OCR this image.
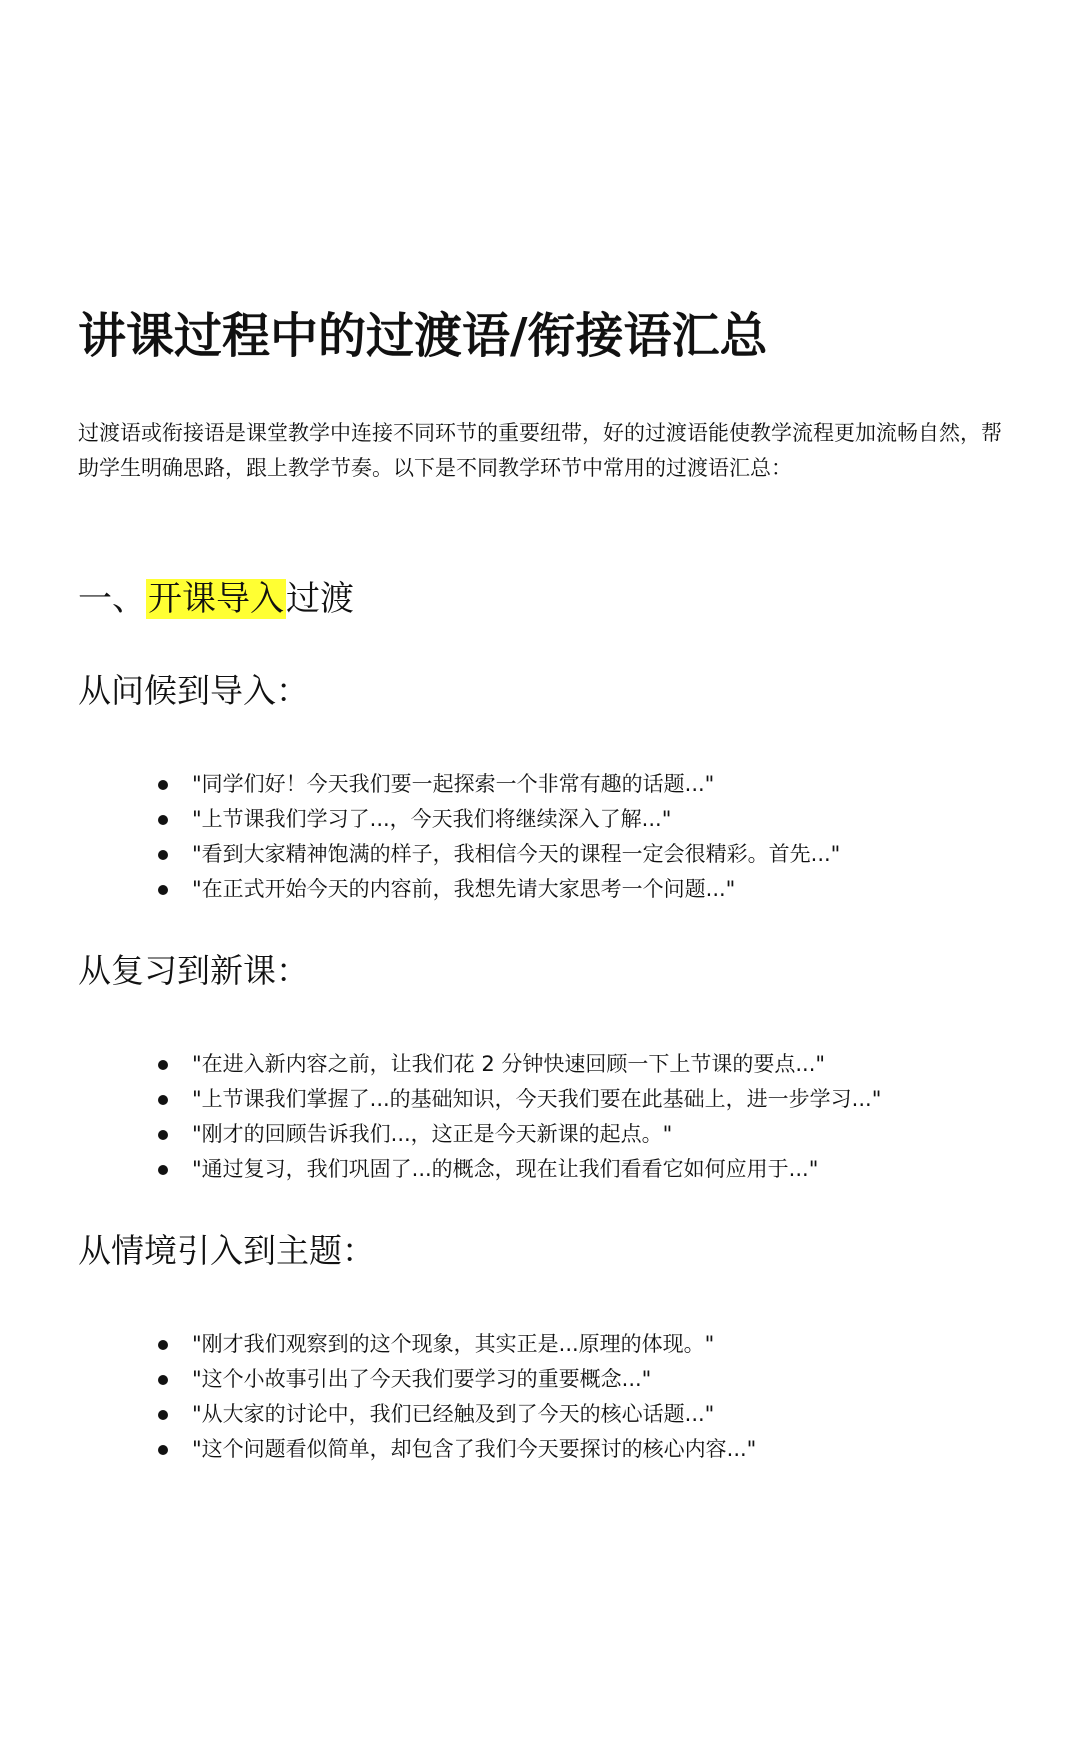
讲课过程中的过渡语/衔接语汇总

过渡语或衔接语是课堂教学中连接不同环节的重要纽带，好的过渡语能使教学流程更加流畅自然，帮助学生明确思路，跟上教学节奏。以下是不同教学环节中常用的过渡语汇总：

一、开课导入过渡
从问候到导入：
"同学们好！今天我们要一起探索一个非常有趣的话题..."
"上节课我们学习了...，今天我们将继续深入了解..."
"看到大家精神饱满的样子，我相信今天的课程一定会很精彩。首先..."
"在正式开始今天的内容前，我想先请大家思考一个问题..."
从复习到新课：
"在进入新内容之前，让我们花 2 分钟快速回顾一下上节课的要点..."
"上节课我们掌握了...的基础知识，今天我们要在此基础上，进一步学习..."
"刚才的回顾告诉我们...，这正是今天新课的起点。"
"通过复习，我们巩固了...的概念，现在让我们看看它如何应用于..."
从情境引入到主题：
"刚才我们观察到的这个现象，其实正是...原理的体现。"
"这个小故事引出了今天我们要学习的重要概念..."
"从大家的讨论中，我们已经触及到了今天的核心话题..."
"这个问题看似简单，却包含了我们今天要探讨的核心内容..."
